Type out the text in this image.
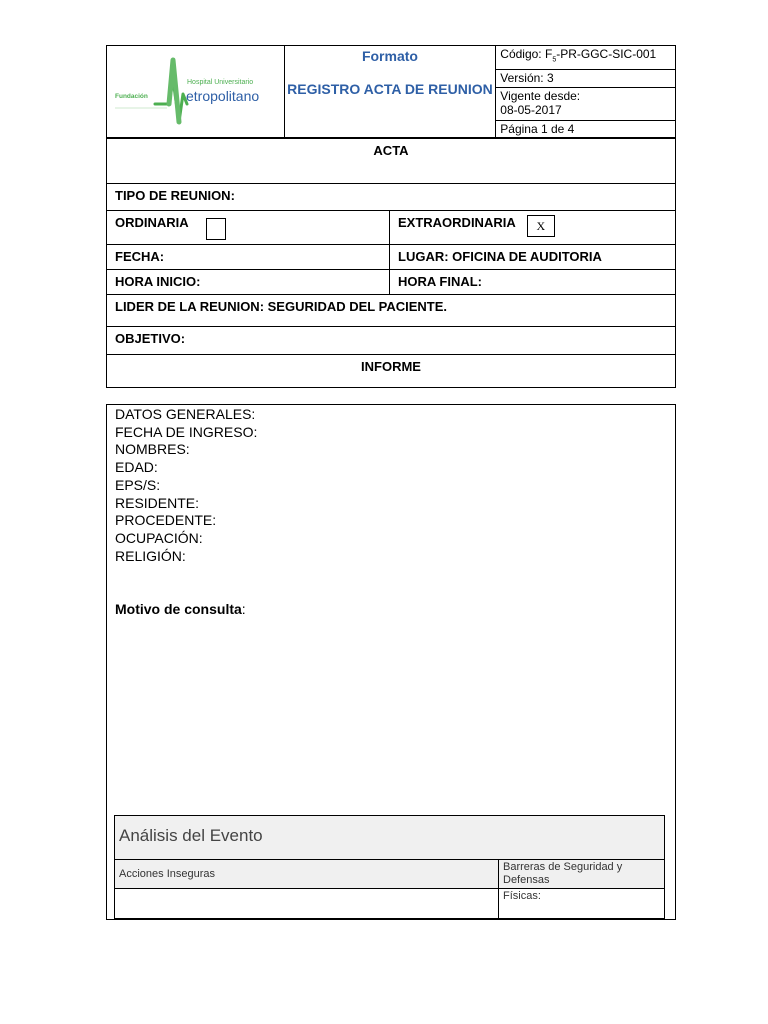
Fundación
Hospital Universitario
etropolitano

Formato
REGISTRO ACTA DE REUNION
	Código: $F_5-PR-GGC-SIC-001$
Versión: 3

Vigente desde:
08-05-2017

Página 1 de 4
ACTA	
TIPO DE REUNION:	
ORDINARIA	EXTRAORDINARIA X
FECHA:	LUGAR: OFICINA DE AUDITORIA
HORA INICIO:	HORA FINAL:
LIDER DE LA REUNION: SEGURIDAD DEL PACIENTE.	
OBJETIVO:	
INFORME	
DATOS GENERALES:
FECHA DE INGRESO:
NOMBRES:
EDAD:
EPS/S:
RESIDENTE:
PROCEDENTE:
OCUPACIÓN:
RELIGIÓN:
Motivo de consulta:
Análisis del Evento	
Acciones Inseguras	Barreras de Seguridad y Defensas
	Físicas:
